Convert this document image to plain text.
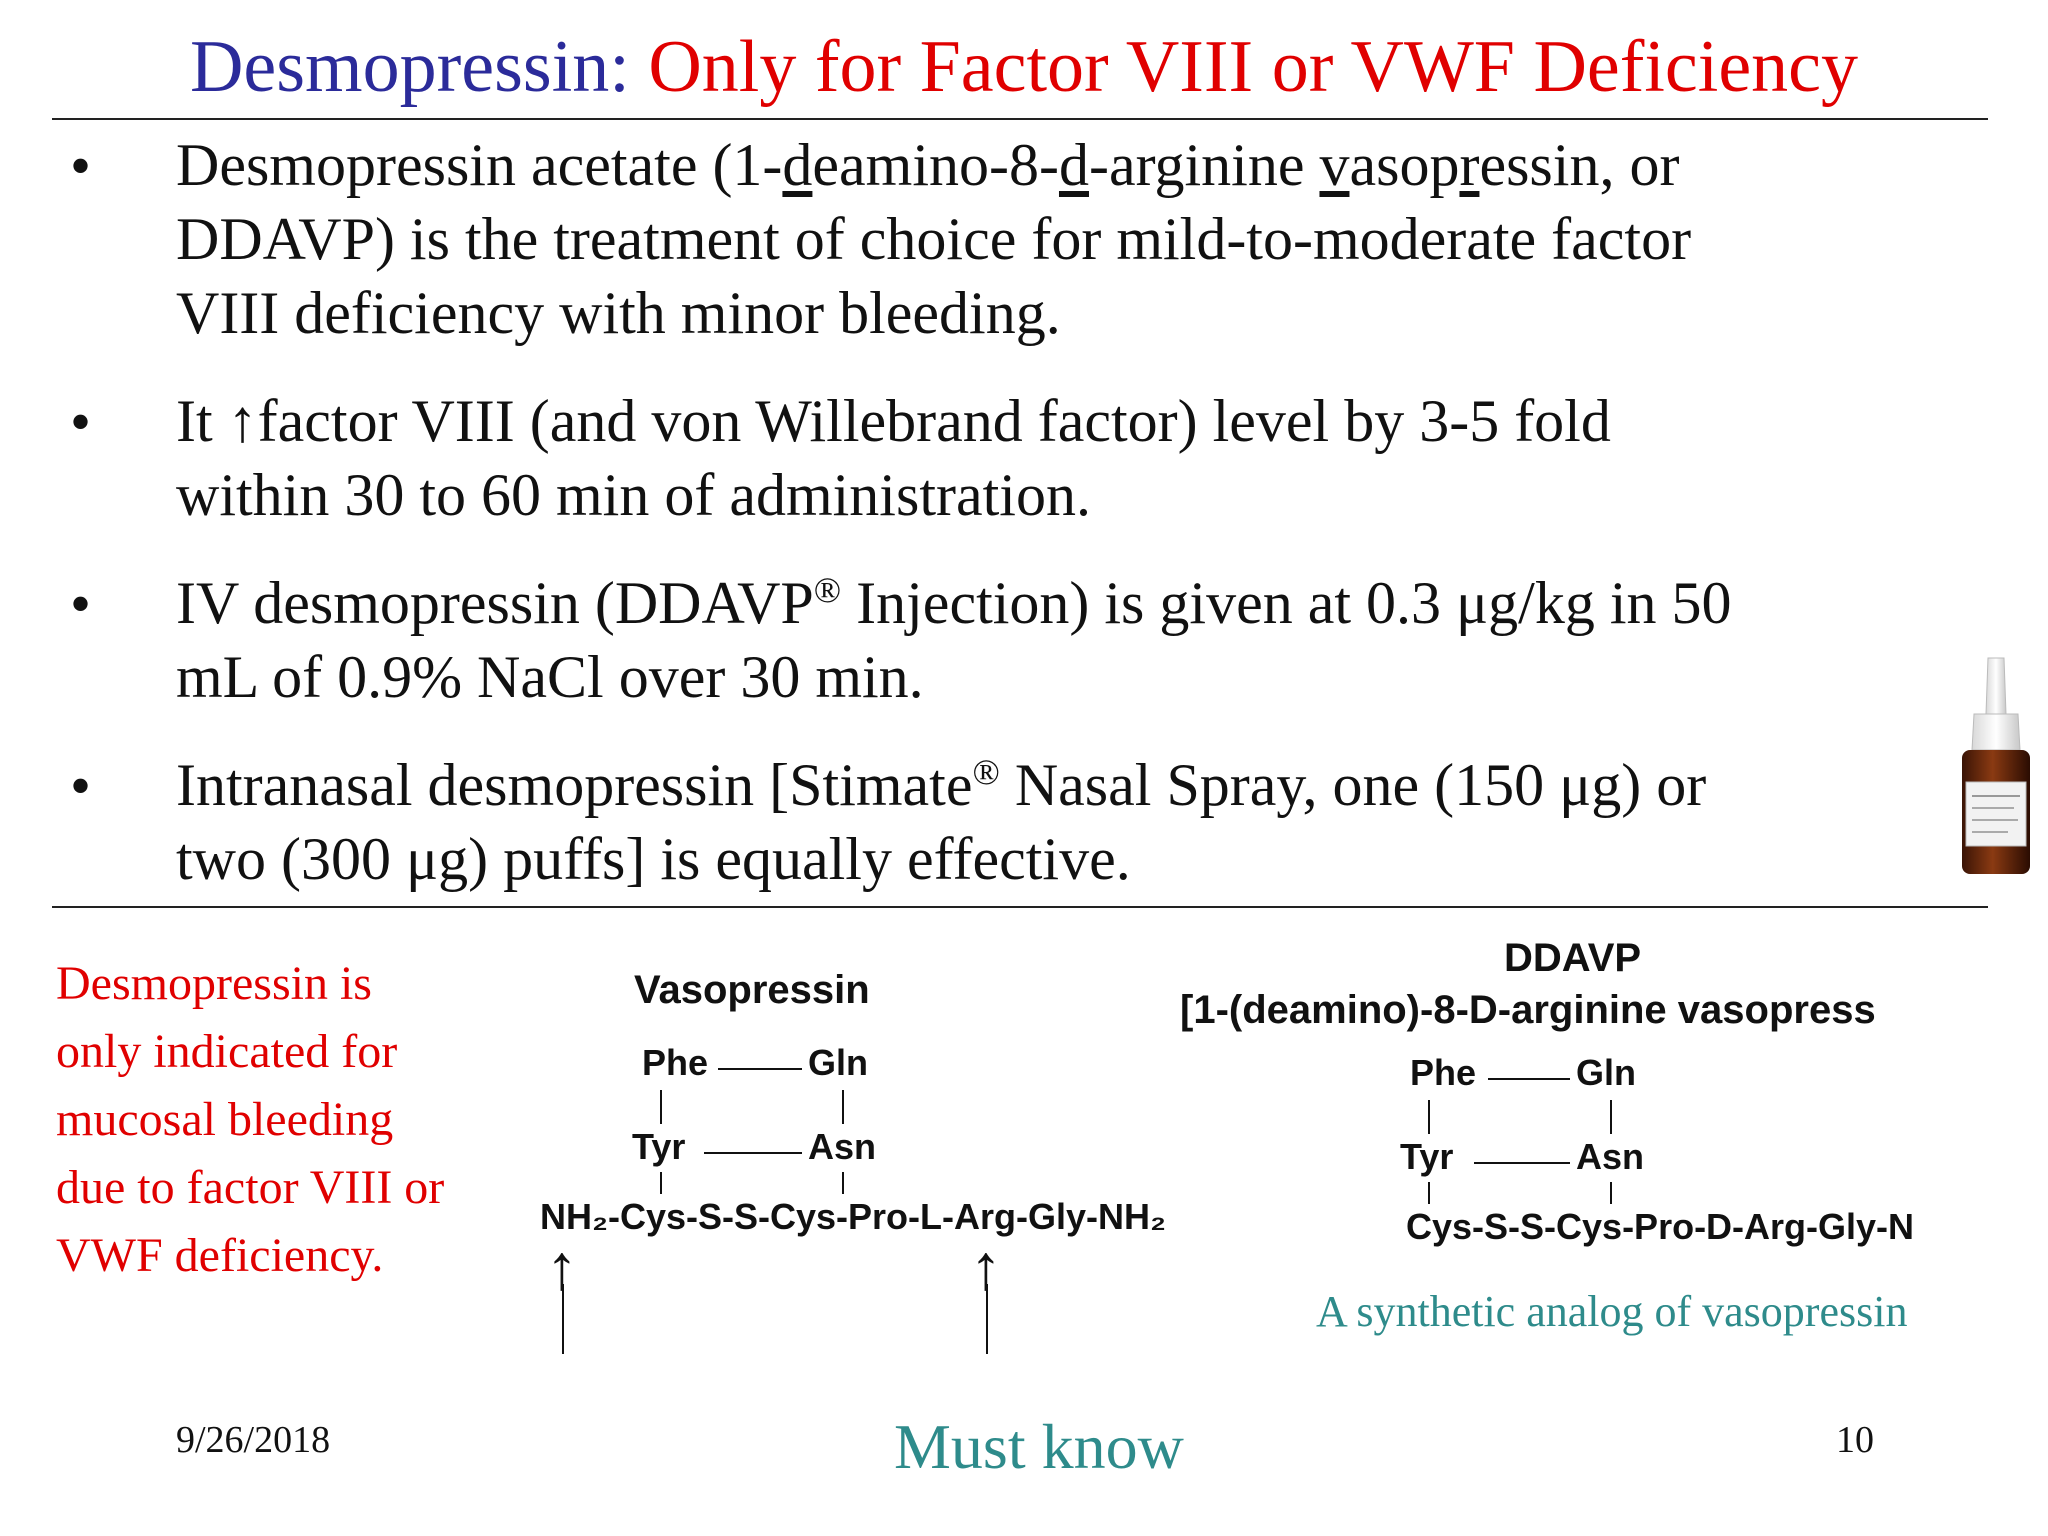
Desmopressin: Only for Factor VIII or VWF Deficiency
• Desmopressin acetate (1-deamino-8-d-arginine vasopressin, or
DDAVP) is the treatment of choice for mild-to-moderate factor
VIII deficiency with minor bleeding.
• It ↑factor VIII (and von Willebrand factor) level by 3-5 fold
within 30 to 60 min of administration.
• IV desmopressin (DDAVP® Injection) is given at 0.3 μg/kg in 50
mL of 0.9% NaCl over 30 min.
• Intranasal desmopressin [Stimate® Nasal Spray, one (150 μg) or
two (300 μg) puffs] is equally effective.
Desmopressin is
only indicated for
mucosal bleeding
due to factor VIII or
VWF deficiency.
Vasopressin
Phe	Gln
Tyr	Asn
NH₂-Cys-S-S-Cys-Pro-L-Arg-Gly-NH₂
↑	↑
DDAVP
[1-(deamino)-8-D-arginine vasopress
Phe	Gln
Tyr	Asn
Cys-S-S-Cys-Pro-D-Arg-Gly-N
A synthetic analog of vasopressin
9/26/2018	Must know	10
